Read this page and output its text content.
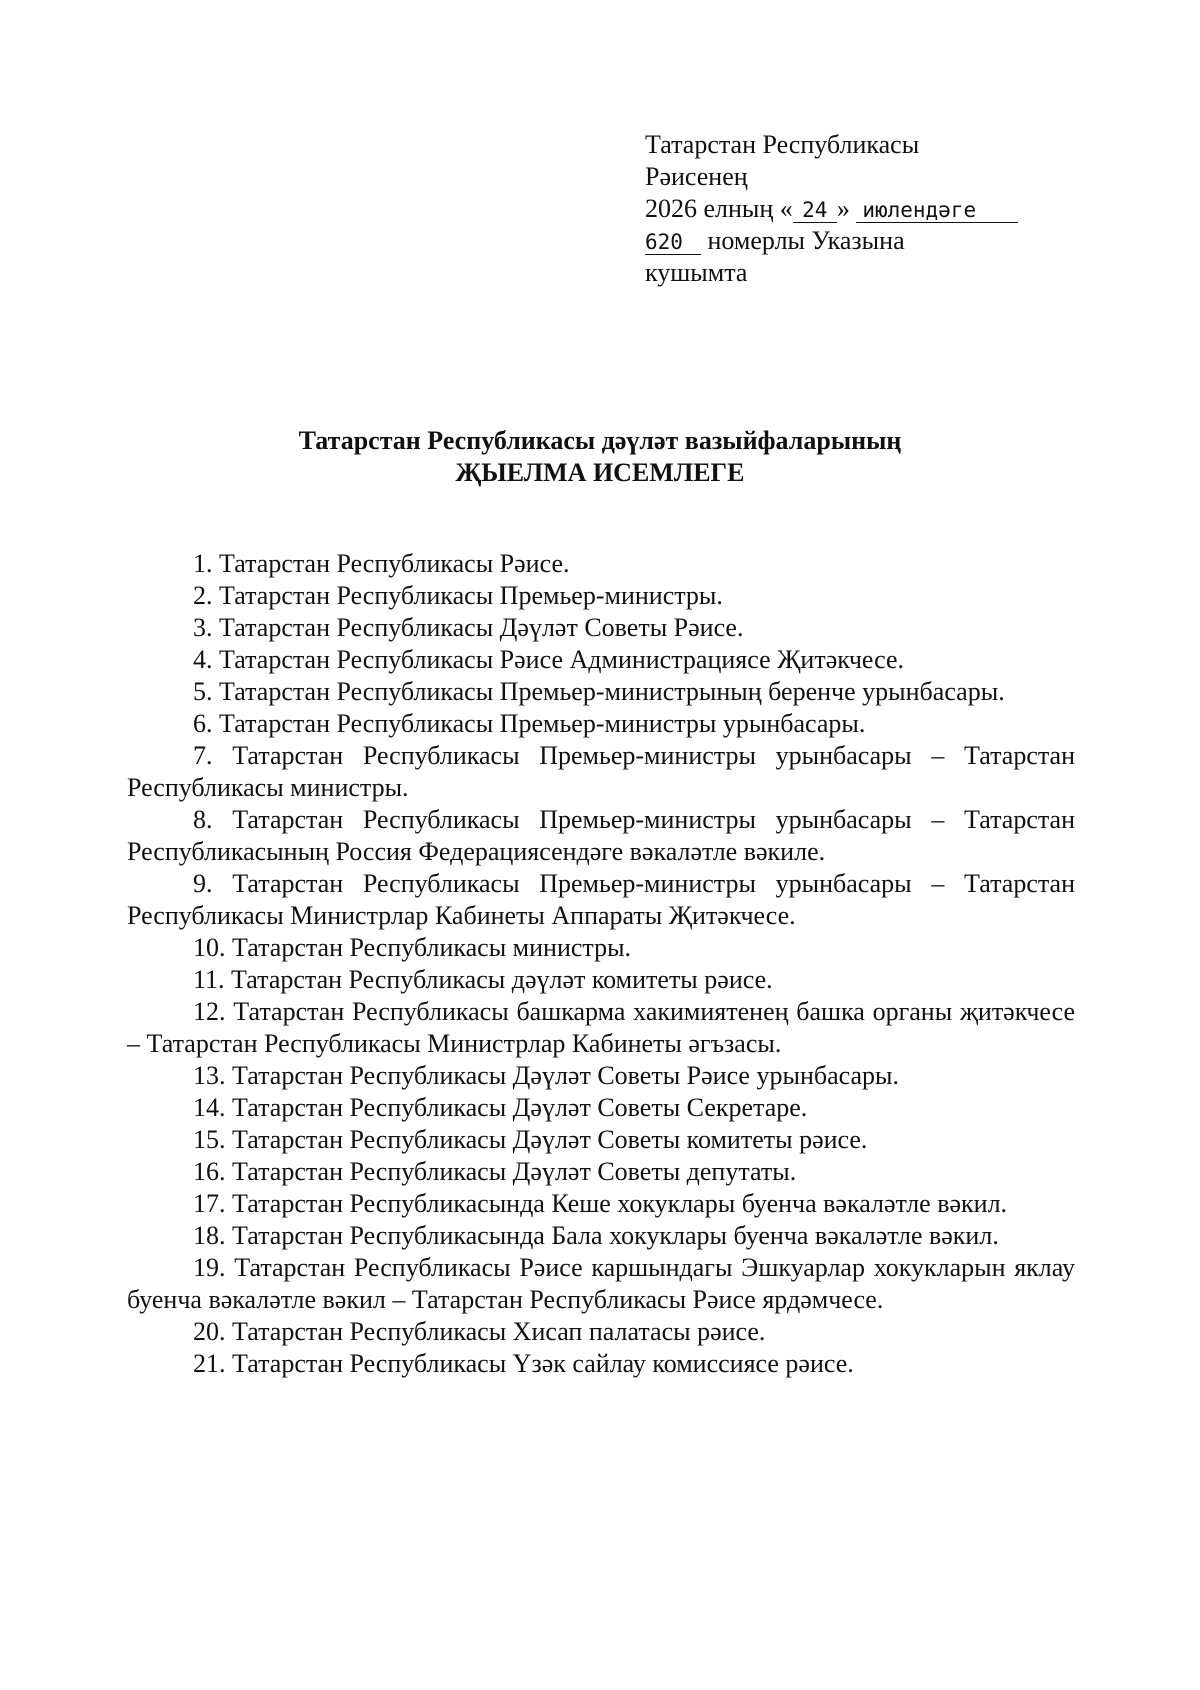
Татарстан Республикасы
Рәисенең
2026 елның « 24 » июлендәге
620 номерлы Указына
кушымта
Татарстан Республикасы дәүләт вазыйфаларының
ҖЫЕЛМА ИСЕМЛЕГЕ
1. Татарстан Республикасы Рәисе.
2. Татарстан Республикасы Премьер-министры.
3. Татарстан Республикасы Дәүләт Советы Рәисе.
4. Татарстан Республикасы Рәисе Администрациясе Җитәкчесе.
5. Татарстан Республикасы Премьер-министрының беренче урынбасары.
6. Татарстан Республикасы Премьер-министры урынбасары.
7. Татарстан Республикасы Премьер-министры урынбасары – Татарстан Республикасы министры.
8. Татарстан Республикасы Премьер-министры урынбасары – Татарстан Республикасының Россия Федерациясендәге вәкаләтле вәкиле.
9. Татарстан Республикасы Премьер-министры урынбасары – Татарстан Республикасы Министрлар Кабинеты Аппараты Җитәкчесе.
10. Татарстан Республикасы министры.
11. Татарстан Республикасы дәүләт комитеты рәисе.
12. Татарстан Республикасы башкарма хакимиятенең башка органы җитәкчесе – Татарстан Республикасы Министрлар Кабинеты әгъзасы.
13. Татарстан Республикасы Дәүләт Советы Рәисе урынбасары.
14. Татарстан Республикасы Дәүләт Советы Секретаре.
15. Татарстан Республикасы Дәүләт Советы комитеты рәисе.
16. Татарстан Республикасы Дәүләт Советы депутаты.
17. Татарстан Республикасында Кеше хокуклары буенча вәкаләтле вәкил.
18. Татарстан Республикасында Бала хокуклары буенча вәкаләтле вәкил.
19. Татарстан Республикасы Рәисе каршындагы Эшкуарлар хокукларын яклау буенча вәкаләтле вәкил – Татарстан Республикасы Рәисе ярдәмчесе.
20. Татарстан Республикасы Хисап палатасы рәисе.
21. Татарстан Республикасы Үзәк сайлау комиссиясе рәисе.
